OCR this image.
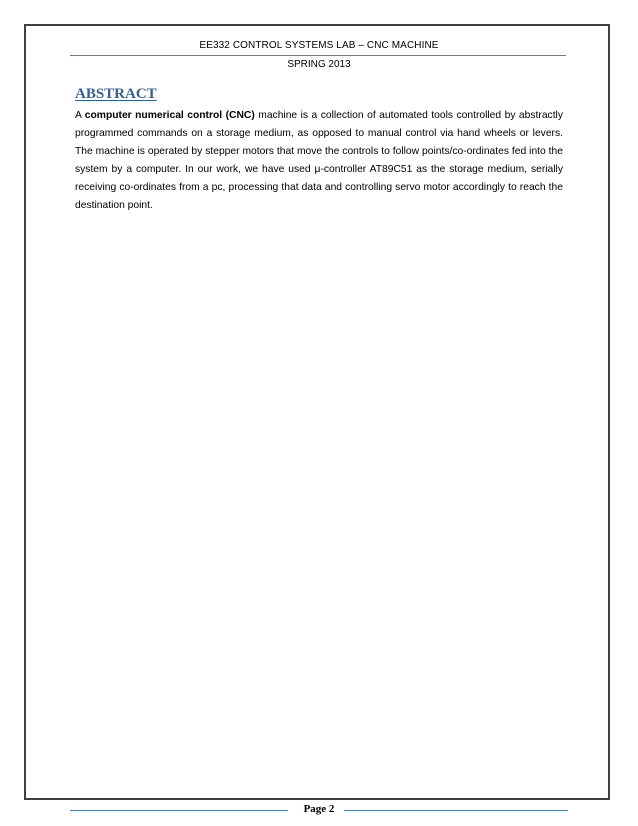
EE332 CONTROL SYSTEMS LAB – CNC MACHINE
SPRING 2013
ABSTRACT

A computer numerical control (CNC) machine is a collection of automated tools controlled by abstractly programmed commands on a storage medium, as opposed to manual control via hand wheels or levers. The machine is operated by stepper motors that move the controls to follow points/co-ordinates fed into the system by a computer. In our work, we have used μ-controller AT89C51 as the storage medium, serially receiving co-ordinates from a pc, processing that data and controlling servo motor accordingly to reach the destination point.

Page 2
